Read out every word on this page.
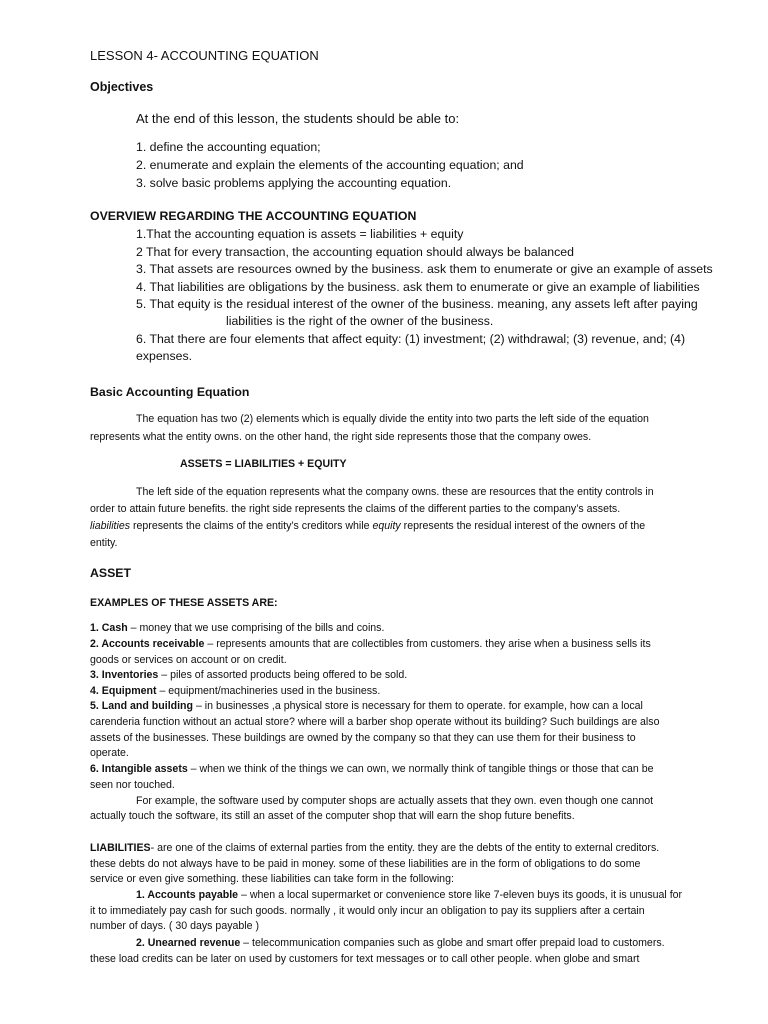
LESSON 4- ACCOUNTING EQUATION
Objectives
At the end of this lesson, the students should be able to:
1. define the accounting equation;
2. enumerate and explain the elements of the accounting equation; and
3. solve basic problems applying the accounting equation.
OVERVIEW REGARDING THE ACCOUNTING EQUATION
1.That the accounting equation is assets = liabilities + equity
2 That for every transaction, the accounting equation should always be balanced
3. That assets are resources owned by the business. ask them to enumerate or give an example of assets
4. That liabilities are obligations by the business. ask them to enumerate or give an example of liabilities
5. That equity is the residual interest of the owner of the business. meaning, any assets left after paying
liabilities is the right of the owner of the business.
6. That there are four elements that affect equity: (1) investment; (2) withdrawal; (3) revenue, and; (4)
expenses.
Basic Accounting Equation
The equation has two (2) elements which is equally divide the entity into two parts the left side of the equation
represents what the entity owns. on the other hand, the right side represents those that the company owes.
ASSETS = LIABILITIES + EQUITY
The left side of the equation represents what the company owns. these are resources that the entity controls in
order to attain future benefits. the right side represents the claims of the different parties to the company’s assets.
liabilities represents the claims of the entity’s creditors while equity represents the residual interest of the owners of the
entity.
ASSET
EXAMPLES OF THESE ASSETS ARE:
1. Cash – money that we use comprising of the bills and coins.
2. Accounts receivable – represents amounts that are collectibles from customers. they arise when a business sells its
goods or services on account or on credit.
3. Inventories – piles of assorted products being offered to be sold.
4. Equipment – equipment/machineries used in the business.
5. Land and building – in businesses ,a physical store is necessary for them to operate. for example, how can a local
carenderia function without an actual store? where will a barber shop operate without its building? Such buildings are also
assets of the businesses. These buildings are owned by the company so that they can use them for their business to
operate.
6. Intangible assets – when we think of the things we can own, we normally think of tangible things or those that can be
seen nor touched.
For example, the software used by computer shops are actually assets that they own. even though one cannot
actually touch the software, its still an asset of the computer shop that will earn the shop future benefits.
LIABILITIES- are one of the claims of external parties from the entity. they are the debts of the entity to external creditors.
these debts do not always have to be paid in money. some of these liabilities are in the form of obligations to do some
service or even give something. these liabilities can take form in the following:
1. Accounts payable – when a local supermarket or convenience store like 7-eleven buys its goods, it is unusual for
it to immediately pay cash for such goods. normally , it would only incur an obligation to pay its suppliers after a certain
number of days. ( 30 days payable )
2. Unearned revenue – telecommunication companies such as globe and smart offer prepaid load to customers.
these load credits can be later on used by customers for text messages or to call other people. when globe and smart
